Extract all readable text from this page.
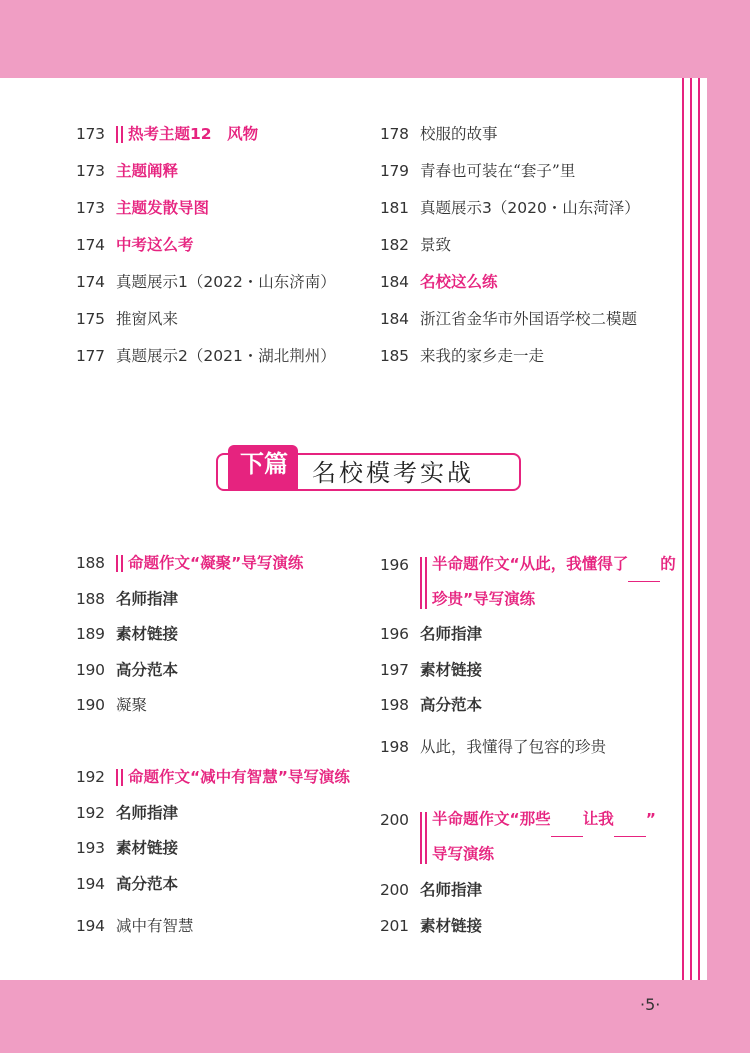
173	热考主题12　风物
173 主题阐释
173 主题发散导图
174 中考这么考
174 真题展示1（2022・山东济南）
175 推窗风来
177 真题展示2（2021・湖北荆州）
178 校服的故事
179 青春也可装在“套子”里
181 真题展示3（2020・山东菏泽）
182 景致
184 名校这么练
184 浙江省金华市外国语学校二模题
185 来我的家乡走一走
下篇	名校模考实战
188	命题作文“凝聚”导写演练
188 名师指津
189 素材链接
190 高分范本
190 凝聚
192	命题作文“减中有智慧”导写演练
192 名师指津
193 素材链接
194 高分范本
194 减中有智慧
196	半命题作文“从此，我懂得了 的
珍贵”导写演练
196 名师指津
197 素材链接
198 高分范本
198 从此，我懂得了包容的珍贵
200	半命题作文“那些 让我 ”
导写演练
200 名师指津
201 素材链接
·5·
